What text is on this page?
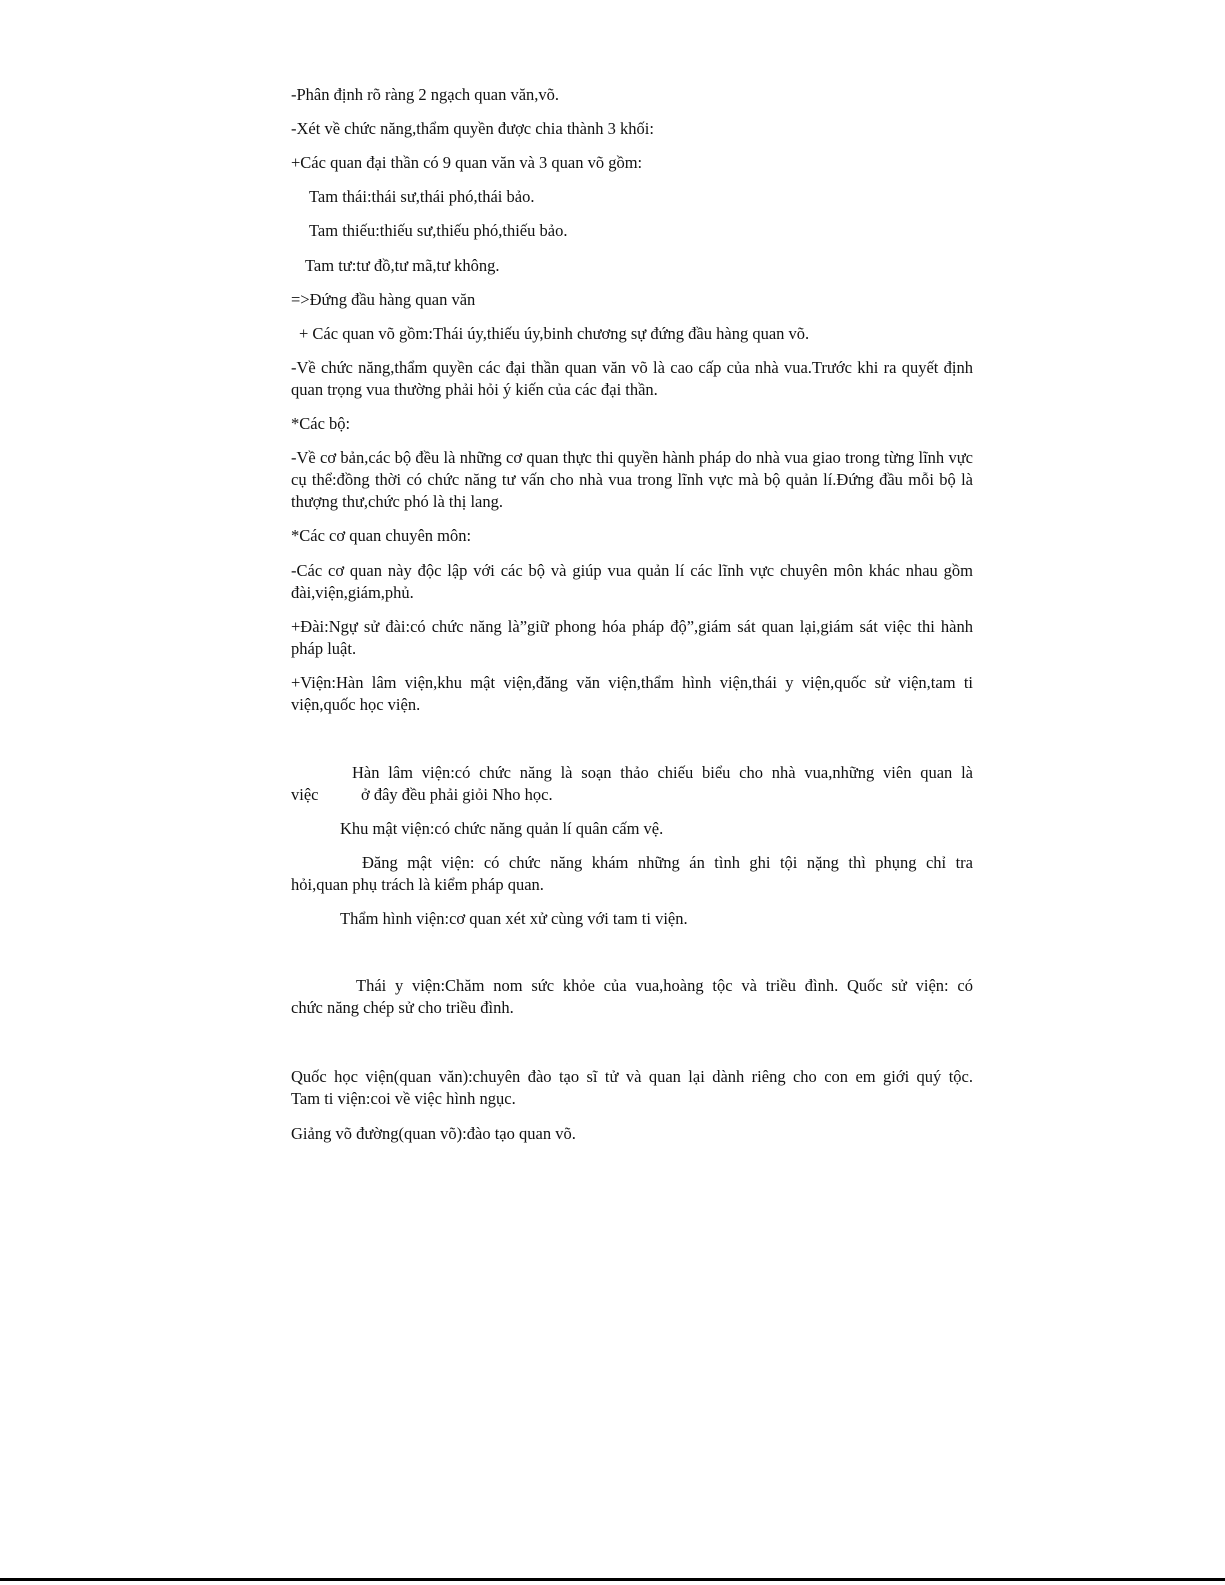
-Phân định rõ ràng 2 ngạch quan văn,võ.

-Xét về chức năng,thẩm quyền được chia thành 3 khối:

+Các quan đại thần có 9 quan văn và 3 quan võ gồm:

Tam thái:thái sư,thái phó,thái bảo.

Tam thiếu:thiếu sư,thiếu phó,thiếu bảo.

Tam tư:tư đồ,tư mã,tư không.

=>Đứng đầu hàng quan văn

+ Các quan võ gồm:Thái úy,thiếu úy,binh chương sự đứng đầu hàng quan võ.

-Về chức năng,thẩm quyền các đại thần quan văn võ là cao cấp của nhà vua.Trước khi ra quyết định quan trọng vua thường phải hỏi ý kiến của các đại thần.

*Các bộ:

-Về cơ bản,các bộ đều là những cơ quan thực thi quyền hành pháp do nhà vua giao trong từng lĩnh vực cụ thể:đồng thời có chức năng tư vấn cho nhà vua trong lĩnh vực mà bộ quản lí.Đứng đầu mỗi bộ là thượng thư,chức phó là thị lang.

*Các cơ quan chuyên môn:

-Các cơ quan này độc lập với các bộ và giúp vua quản lí các lĩnh vực chuyên môn khác nhau gồm đài,viện,giám,phủ.

+Đài:Ngự sử đài:có chức năng là”giữ phong hóa pháp độ”,giám sát quan lại,giám sát việc thi hành pháp luật.

+Viện:Hàn lâm viện,khu mật viện,đăng văn viện,thẩm hình viện,thái y viện,quốc sử viện,tam ti viện,quốc học viện.

Hàn lâm viện:có chức năng là soạn thảo chiếu biểu cho nhà vua,những viên quan là

việc	ở đây đều phải giỏi Nho học.

Khu mật viện:có chức năng quản lí quân cấm vệ.

Đăng mật viện: có chức năng khám những án tình ghi tội nặng thì phụng chỉ tra

hỏi,quan phụ trách là kiểm pháp quan.

Thẩm hình viện:cơ quan xét xử cùng với tam ti viện.

Thái y viện:Chăm nom sức khỏe của vua,hoàng tộc và triều đình. Quốc sử viện: có

chức năng chép sử cho triều đình.

Quốc học viện(quan văn):chuyên đào tạo sĩ tử và quan lại dành riêng cho con em giới quý tộc.

Tam ti viện:coi về việc hình ngục.

Giảng võ đường(quan võ):đào tạo quan võ.
